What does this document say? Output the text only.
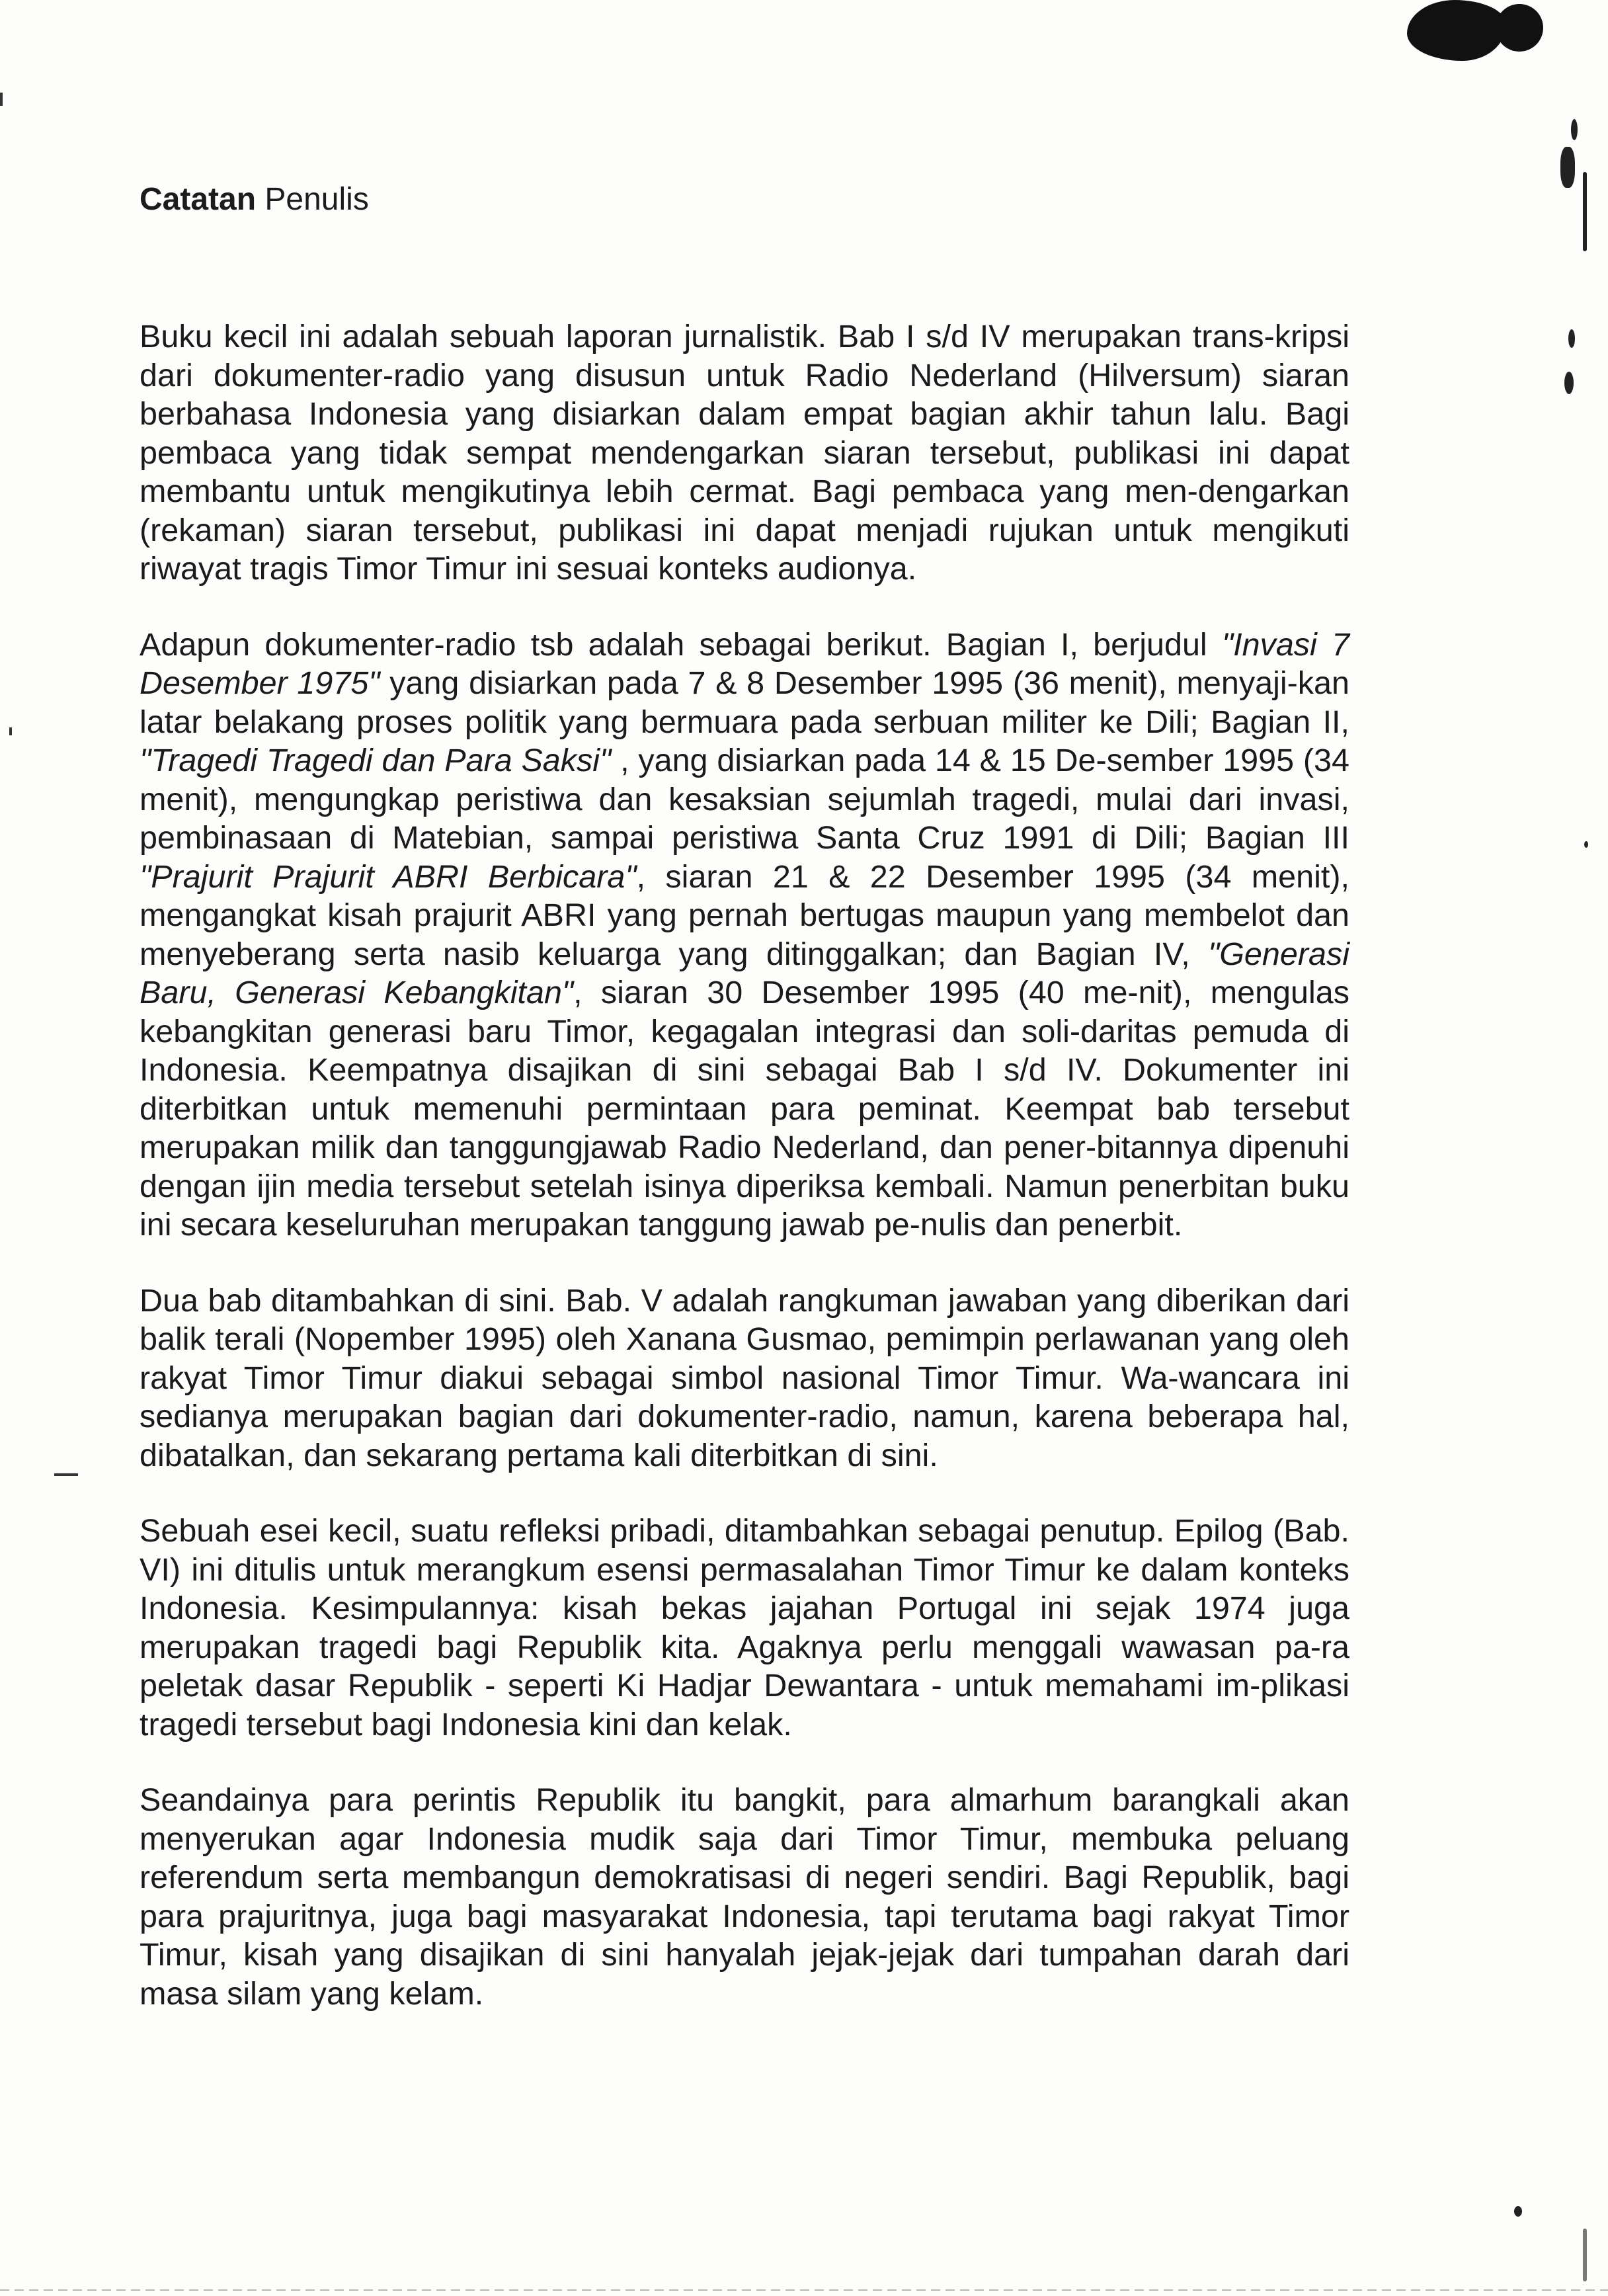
Catatan Penulis

Buku kecil ini adalah sebuah laporan jurnalistik. Bab I s/d IV merupakan trans-kripsi dari dokumenter-radio yang disusun untuk Radio Nederland (Hilversum) siaran berbahasa Indonesia yang disiarkan dalam empat bagian akhir tahun lalu. Bagi pembaca yang tidak sempat mendengarkan siaran tersebut, publikasi ini dapat membantu untuk mengikutinya lebih cermat. Bagi pembaca yang men-dengarkan (rekaman) siaran tersebut, publikasi ini dapat menjadi rujukan untuk mengikuti riwayat tragis Timor Timur ini sesuai konteks audionya.

Adapun dokumenter-radio tsb adalah sebagai berikut. Bagian I, berjudul "Invasi 7 Desember 1975" yang disiarkan pada 7 & 8 Desember 1995 (36 menit), menyaji-kan latar belakang proses politik yang bermuara pada serbuan militer ke Dili; Bagian II, "Tragedi Tragedi dan Para Saksi" , yang disiarkan pada 14 & 15 De-sember 1995 (34 menit), mengungkap peristiwa dan kesaksian sejumlah tragedi, mulai dari invasi, pembinasaan di Matebian, sampai peristiwa Santa Cruz 1991 di Dili; Bagian III "Prajurit Prajurit ABRI Berbicara", siaran 21 & 22 Desember 1995 (34 menit), mengangkat kisah prajurit ABRI yang pernah bertugas maupun yang membelot dan menyeberang serta nasib keluarga yang ditinggalkan; dan Bagian IV, "Generasi Baru, Generasi Kebangkitan", siaran 30 Desember 1995 (40 me-nit), mengulas kebangkitan generasi baru Timor, kegagalan integrasi dan soli-daritas pemuda di Indonesia. Keempatnya disajikan di sini sebagai Bab I s/d IV. Dokumenter ini diterbitkan untuk memenuhi permintaan para peminat. Keempat bab tersebut merupakan milik dan tanggungjawab Radio Nederland, dan pener-bitannya dipenuhi dengan ijin media tersebut setelah isinya diperiksa kembali. Namun penerbitan buku ini secara keseluruhan merupakan tanggung jawab pe-nulis dan penerbit.

Dua bab ditambahkan di sini. Bab. V adalah rangkuman jawaban yang diberikan dari balik terali (Nopember 1995) oleh Xanana Gusmao, pemimpin perlawanan yang oleh rakyat Timor Timur diakui sebagai simbol nasional Timor Timur. Wa-wancara ini sedianya merupakan bagian dari dokumenter-radio, namun, karena beberapa hal, dibatalkan, dan sekarang pertama kali diterbitkan di sini.

Sebuah esei kecil, suatu refleksi pribadi, ditambahkan sebagai penutup. Epilog (Bab. VI) ini ditulis untuk merangkum esensi permasalahan Timor Timur ke dalam konteks Indonesia. Kesimpulannya: kisah bekas jajahan Portugal ini sejak 1974 juga merupakan tragedi bagi Republik kita. Agaknya perlu menggali wawasan pa-ra peletak dasar Republik - seperti Ki Hadjar Dewantara - untuk memahami im-plikasi tragedi tersebut bagi Indonesia kini dan kelak.

Seandainya para perintis Republik itu bangkit, para almarhum barangkali akan menyerukan agar Indonesia mudik saja dari Timor Timur, membuka peluang referendum serta membangun demokratisasi di negeri sendiri. Bagi Republik, bagi para prajuritnya, juga bagi masyarakat Indonesia, tapi terutama bagi rakyat Timor Timur, kisah yang disajikan di sini hanyalah jejak-jejak dari tumpahan darah dari masa silam yang kelam.
